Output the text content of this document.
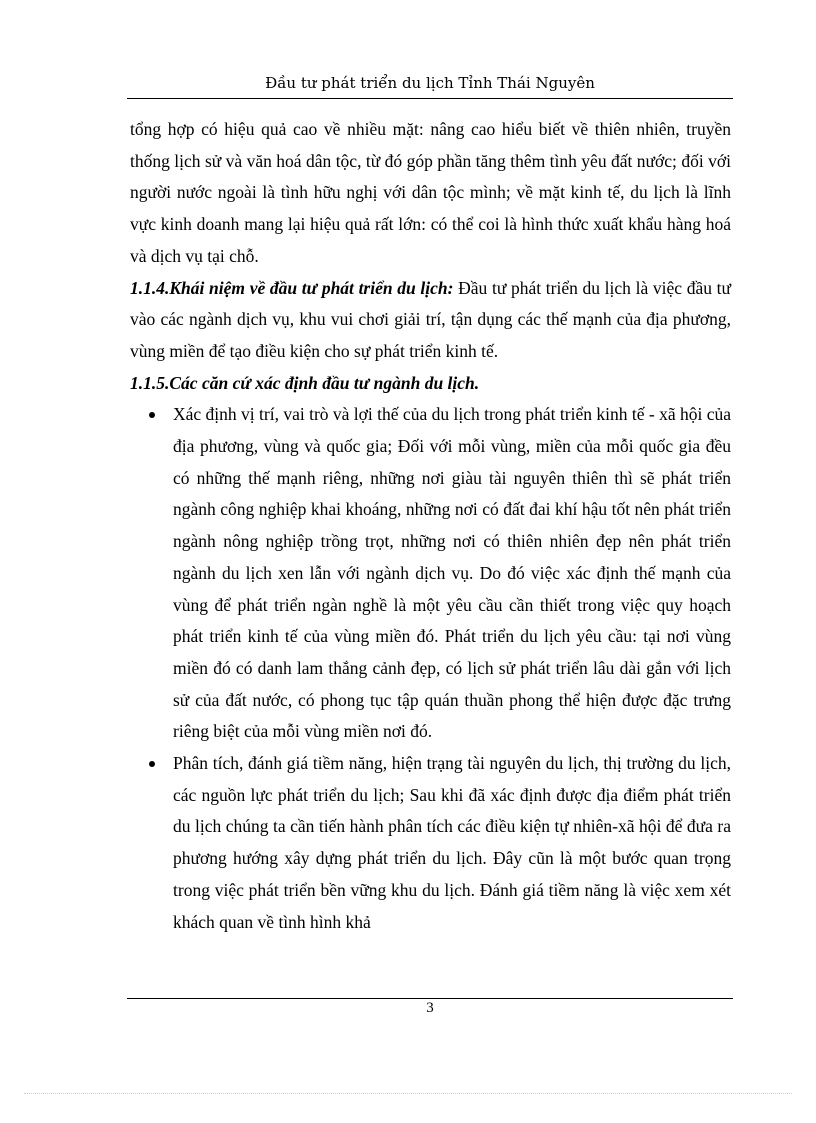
Đầu tư phát triển du lịch Tỉnh Thái Nguyên

tổng hợp có hiệu quả cao về nhiều mặt: nâng cao hiểu biết về thiên nhiên, truyền thống lịch sử và văn hoá dân tộc, từ đó góp phần tăng thêm tình yêu đất nước; đối với người nước ngoài là tình hữu nghị với dân tộc mình; về mặt kinh tế, du lịch là lĩnh vực kinh doanh mang lại hiệu quả rất lớn: có thể coi là hình thức xuất khẩu hàng hoá và dịch vụ tại chỗ.

1.1.4.Khái niệm về đầu tư phát triển du lịch: Đầu tư phát triển du lịch là việc đầu tư vào các ngành dịch vụ, khu vui chơi giải trí, tận dụng các thế mạnh của địa phương, vùng miền để tạo điều kiện cho sự phát triển kinh tế.

1.1.5.Các căn cứ xác định đầu tư ngành du lịch.

Xác định vị trí, vai trò và lợi thế của du lịch trong phát triển kinh tế - xã hội của địa phương, vùng và quốc gia; Đối với mỗi vùng, miền của mỗi quốc gia đều có những thế mạnh riêng, những nơi giàu tài nguyên thiên thì sẽ phát triển ngành công nghiệp khai khoáng, những nơi có đất đai khí hậu tốt nên phát triển ngành nông nghiệp trồng trọt, những nơi có thiên nhiên đẹp nên phát triển ngành du lịch xen lẫn với ngành dịch vụ. Do đó việc xác định thế mạnh của vùng để phát triển ngàn nghề là một yêu cầu cần thiết trong việc quy hoạch phát triển kinh tế của vùng miền đó. Phát triển du lịch yêu cầu: tại nơi vùng miền đó có danh lam thắng cảnh đẹp, có lịch sử phát triển lâu dài gắn với lịch sử của đất nước, có phong tục tập quán thuần phong thể hiện được đặc trưng riêng biệt của mỗi vùng miền nơi đó.
Phân tích, đánh giá tiềm năng, hiện trạng tài nguyên du lịch, thị trường du lịch, các nguồn lực phát triển du lịch; Sau khi đã xác định được địa điểm phát triển du lịch chúng ta cần tiến hành phân tích các điều kiện tự nhiên-xã hội để đưa ra phương hướng xây dựng phát triển du lịch. Đây cũn là một bước quan trọng trong việc phát triển bền vững khu du lịch. Đánh giá tiềm năng là việc xem xét khách quan về tình hình khả
3
